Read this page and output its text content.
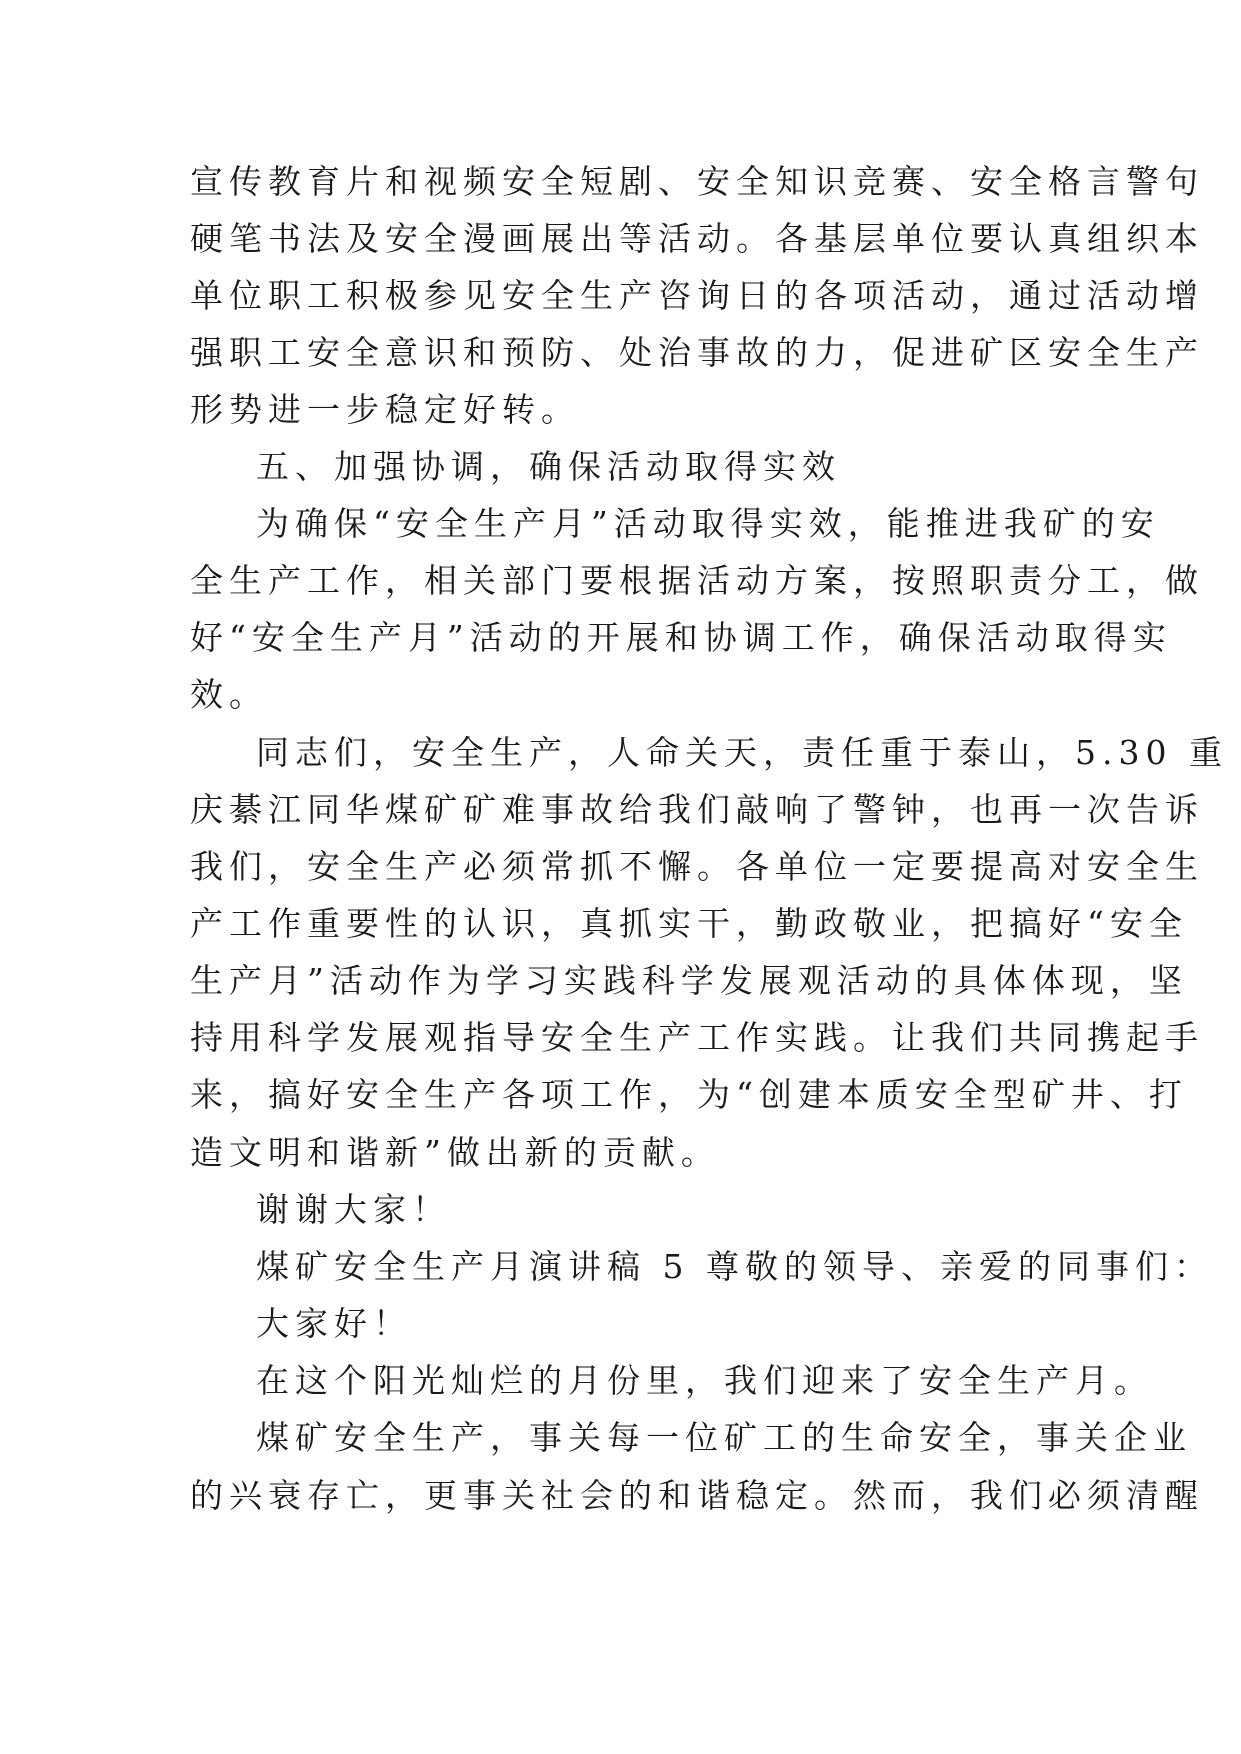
宣传教育片和视频安全短剧、安全知识竞赛、安全格言警句
硬笔书法及安全漫画展出等活动。各基层单位要认真组织本
单位职工积极参见安全生产咨询日的各项活动，通过活动增
强职工安全意识和预防、处治事故的力，促进矿区安全生产
形势进一步稳定好转。
五、加强协调，确保活动取得实效
为确保“安全生产月”活动取得实效，能推进我矿的安
全生产工作，相关部门要根据活动方案，按照职责分工，做
好“安全生产月”活动的开展和协调工作，确保活动取得实
效。
同志们，安全生产，人命关天，责任重于泰山，5.30 重
庆綦江同华煤矿矿难事故给我们敲响了警钟，也再一次告诉
我们，安全生产必须常抓不懈。各单位一定要提高对安全生
产工作重要性的认识，真抓实干，勤政敬业，把搞好“安全
生产月”活动作为学习实践科学发展观活动的具体体现，坚
持用科学发展观指导安全生产工作实践。让我们共同携起手
来，搞好安全生产各项工作，为“创建本质安全型矿井、打
造文明和谐新”做出新的贡献。
谢谢大家！
煤矿安全生产月演讲稿 5 尊敬的领导、亲爱的同事们：
大家好！
在这个阳光灿烂的月份里，我们迎来了安全生产月。
煤矿安全生产，事关每一位矿工的生命安全，事关企业
的兴衰存亡，更事关社会的和谐稳定。然而，我们必须清醒
